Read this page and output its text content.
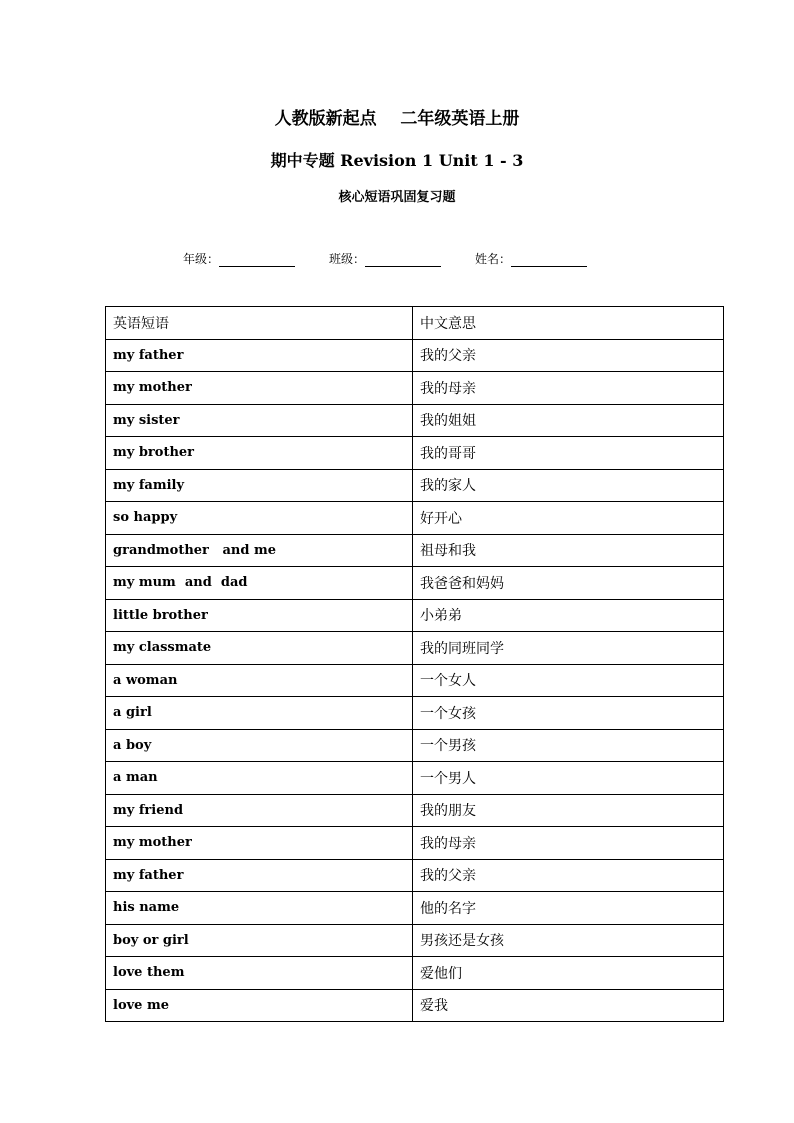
人教版新起点    二年级英语上册
期中专题 Revision 1 Unit 1 - 3
核心短语巩固复习题
年级：	班级：	姓名：
英语短语	中文意思
my father	我的父亲
my mother	我的母亲
my sister	我的姐姐
my brother	我的哥哥
my family	我的家人
so happy	好开心
grandmother   and me	祖母和我
my mum  and  dad	我爸爸和妈妈
little brother	小弟弟
my classmate	我的同班同学
a woman	一个女人
a girl	一个女孩
a boy	一个男孩
a man	一个男人
my friend	我的朋友
my mother	我的母亲
my father	我的父亲
his name	他的名字
boy or girl	男孩还是女孩
love them	爱他们
love me	爱我
